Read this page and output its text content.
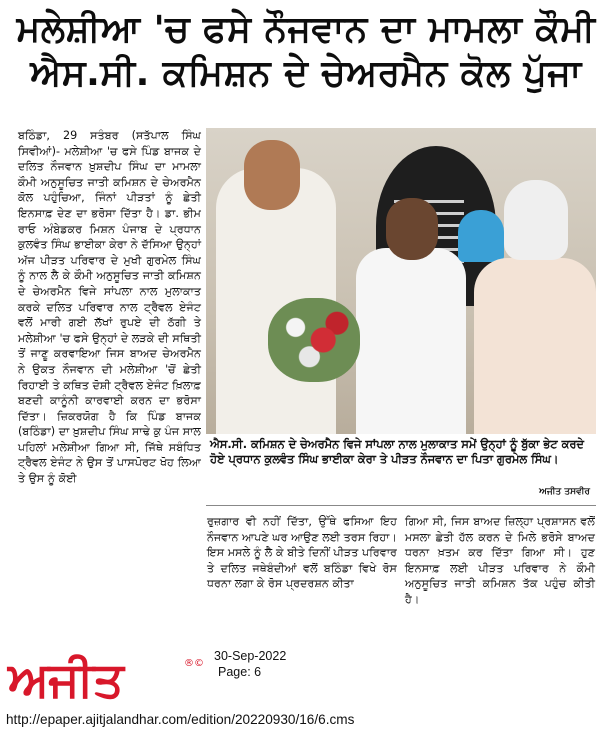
ਮਲੇਸ਼ੀਆ 'ਚ ਫਸੇ ਨੌਜਵਾਨ ਦਾ ਮਾਮਲਾ ਕੌਮੀ
ਐਸ.ਸੀ. ਕਮਿਸ਼ਨ ਦੇ ਚੇਅਰਮੈਨ ਕੋਲ ਪੁੱਜਾ

ਬਠਿੰਡਾ, 29 ਸਤੰਬਰ (ਸਤੱਪਾਲ ਸਿੰਘ ਸਿਵੀਆਂ)- ਮਲੇਸ਼ੀਆ 'ਚ ਫਸੇ ਪਿੰਡ ਬਾਜਕ ਦੇ ਦਲਿਤ ਨੌਜਵਾਨ ਖ਼ੁਸ਼ਦੀਪ ਸਿੰਘ ਦਾ ਮਾਮਲਾ ਕੌਮੀ ਅਨੁਸੂਚਿਤ ਜਾਤੀ ਕਮਿਸ਼ਨ ਦੇ ਚੇਅਰਮੈਨ ਕੋਲ ਪਹੁੰਚਿਆ, ਜਿੰਨਾਂ ਪੀੜਤਾਂ ਨੂੰ ਛੇਤੀ ਇਨਸਾਫ਼ ਦੇਣ ਦਾ ਭਰੋਸਾ ਦਿੱਤਾ ਹੈ। ਡਾ. ਭੀਮ ਰਾਓ ਅੰਬੇਡਕਰ ਮਿਸ਼ਨ ਪੰਜਾਬ ਦੇ ਪ੍ਰਧਾਨ ਕੁਲਵੰਤ ਸਿੰਘ ਭਾਈਕਾ ਕੇਰਾ ਨੇ ਦੱਸਿਆ ਉਨ੍ਹਾਂ ਅੱਜ ਪੀੜਤ ਪਰਿਵਾਰ ਦੇ ਮੁਖੀ ਗੁਰਮੇਲ ਸਿੰਘ ਨੂੰ ਨਾਲ ਲੈ ਕੇ ਕੌਮੀ ਅਨੁਸੂਚਿਤ ਜਾਤੀ ਕਮਿਸ਼ਨ ਦੇ ਚੇਅਰਮੈਨ ਵਿਜੇ ਸਾਂਪਲਾ ਨਾਲ ਮੁਲਾਕਾਤ ਕਰਕੇ ਦਲਿਤ ਪਰਿਵਾਰ ਨਾਲ ਟ੍ਰੈਵਲ ਏਜੰਟ ਵਲੋਂ ਮਾਰੀ ਗਈ ਲੱਖਾਂ ਰੁਪਏ ਦੀ ਠੱਗੀ ਤੇ ਮਲੇਸ਼ੀਆ 'ਚ ਫਸੇ ਉਨ੍ਹਾਂ ਦੇ ਲੜਕੇ ਦੀ ਸਥਿਤੀ ਤੋਂ ਜਾਣੂ ਕਰਵਾਇਆ ਜਿਸ ਬਾਅਦ ਚੇਅਰਮੈਨ ਨੇ ਉਕਤ ਨੌਜਵਾਨ ਦੀ ਮਲੇਸ਼ੀਆ 'ਚੋਂ ਛੇਤੀ ਰਿਹਾਈ ਤੇ ਕਥਿਤ ਦੋਸ਼ੀ ਟ੍ਰੈਵਲ ਏਜੰਟ ਖ਼ਿਲਾਫ਼ ਬਣਦੀ ਕਾਨੂੰਨੀ ਕਾਰਵਾਈ ਕਰਨ ਦਾ ਭਰੋਸਾ ਦਿੱਤਾ। ਜ਼ਿਕਰਯੋਗ ਹੈ ਕਿ ਪਿੰਡ ਬਾਜਕ (ਬਠਿੰਡਾ) ਦਾ ਖ਼ੁਸ਼ਦੀਪ ਸਿੰਘ ਸਾਢੇ ਕੁ ਪੰਜ ਸਾਲ ਪਹਿਲਾਂ ਮਲੇਸ਼ੀਆ ਗਿਆ ਸੀ, ਜਿੱਥੇ ਸਬੰਧਿਤ ਟ੍ਰੈਵਲ ਏਜੰਟ ਨੇ ਉਸ ਤੋਂ ਪਾਸਪੋਰਟ ਖੋਹ ਲਿਆ ਤੇ ਉਸ ਨੂੰ ਕੋਈ

ਐਸ.ਸੀ. ਕਮਿਸ਼ਨ ਦੇ ਚੇਅਰਮੈਨ ਵਿਜੇ ਸਾਂਪਲਾ ਨਾਲ ਮੁਲਾਕਾਤ ਸਮੇਂ ਉਨ੍ਹਾਂ ਨੂੰ ਬੁੱਕਾ ਭੇਟ ਕਰਦੇ ਹੋਏ ਪ੍ਰਧਾਨ ਕੁਲਵੰਤ ਸਿੰਘ ਭਾਈਕਾ ਕੇਰਾ ਤੇ ਪੀੜਤ ਨੌਜਵਾਨ ਦਾ ਪਿਤਾ ਗੁਰਮੇਲ ਸਿੰਘ।
ਅਜੀਤ ਤਸਵੀਰ

ਰੁਜ਼ਗਾਰ ਵੀ ਨਹੀਂ ਦਿੱਤਾ, ਉੱਥੇ ਫਸਿਆ ਇਹ ਨੌਜਵਾਨ ਆਪਣੇ ਘਰ ਆਉਣ ਲਈ ਤਰਸ ਰਿਹਾ। ਇਸ ਮਸਲੇ ਨੂੰ ਲੈ ਕੇ ਬੀਤੇ ਦਿਨੀਂ ਪੀੜਤ ਪਰਿਵਾਰ ਤੇ ਦਲਿਤ ਜਥੇਬੰਦੀਆਂ ਵਲੋਂ ਬਠਿੰਡਾ ਵਿਖੇ ਰੋਸ ਧਰਨਾ ਲਗਾ ਕੇ ਰੋਸ ਪ੍ਰਦਰਸ਼ਨ ਕੀਤਾ

ਗਿਆ ਸੀ, ਜਿਸ ਬਾਅਦ ਜ਼ਿਲ੍ਹਾ ਪ੍ਰਸ਼ਾਸਨ ਵਲੋਂ ਮਸਲਾ ਛੇਤੀ ਹੱਲ ਕਰਨ ਦੇ ਮਿਲੇ ਭਰੋਸੇ ਬਾਅਦ ਧਰਨਾ ਖ਼ਤਮ ਕਰ ਦਿੱਤਾ ਗਿਆ ਸੀ। ਹੁਣ ਇਨਸਾਫ਼ ਲਈ ਪੀੜਤ ਪਰਿਵਾਰ ਨੇ ਕੌਮੀ ਅਨੁਸੂਚਿਤ ਜਾਤੀ ਕਮਿਸ਼ਨ ਤੱਕ ਪਹੁੰਚ ਕੀਤੀ ਹੈ।

ਅਜੀਤ	®©
30-Sep-2022
Page: 6
http://epaper.ajitjalandhar.com/edition/20220930/16/6.cms
